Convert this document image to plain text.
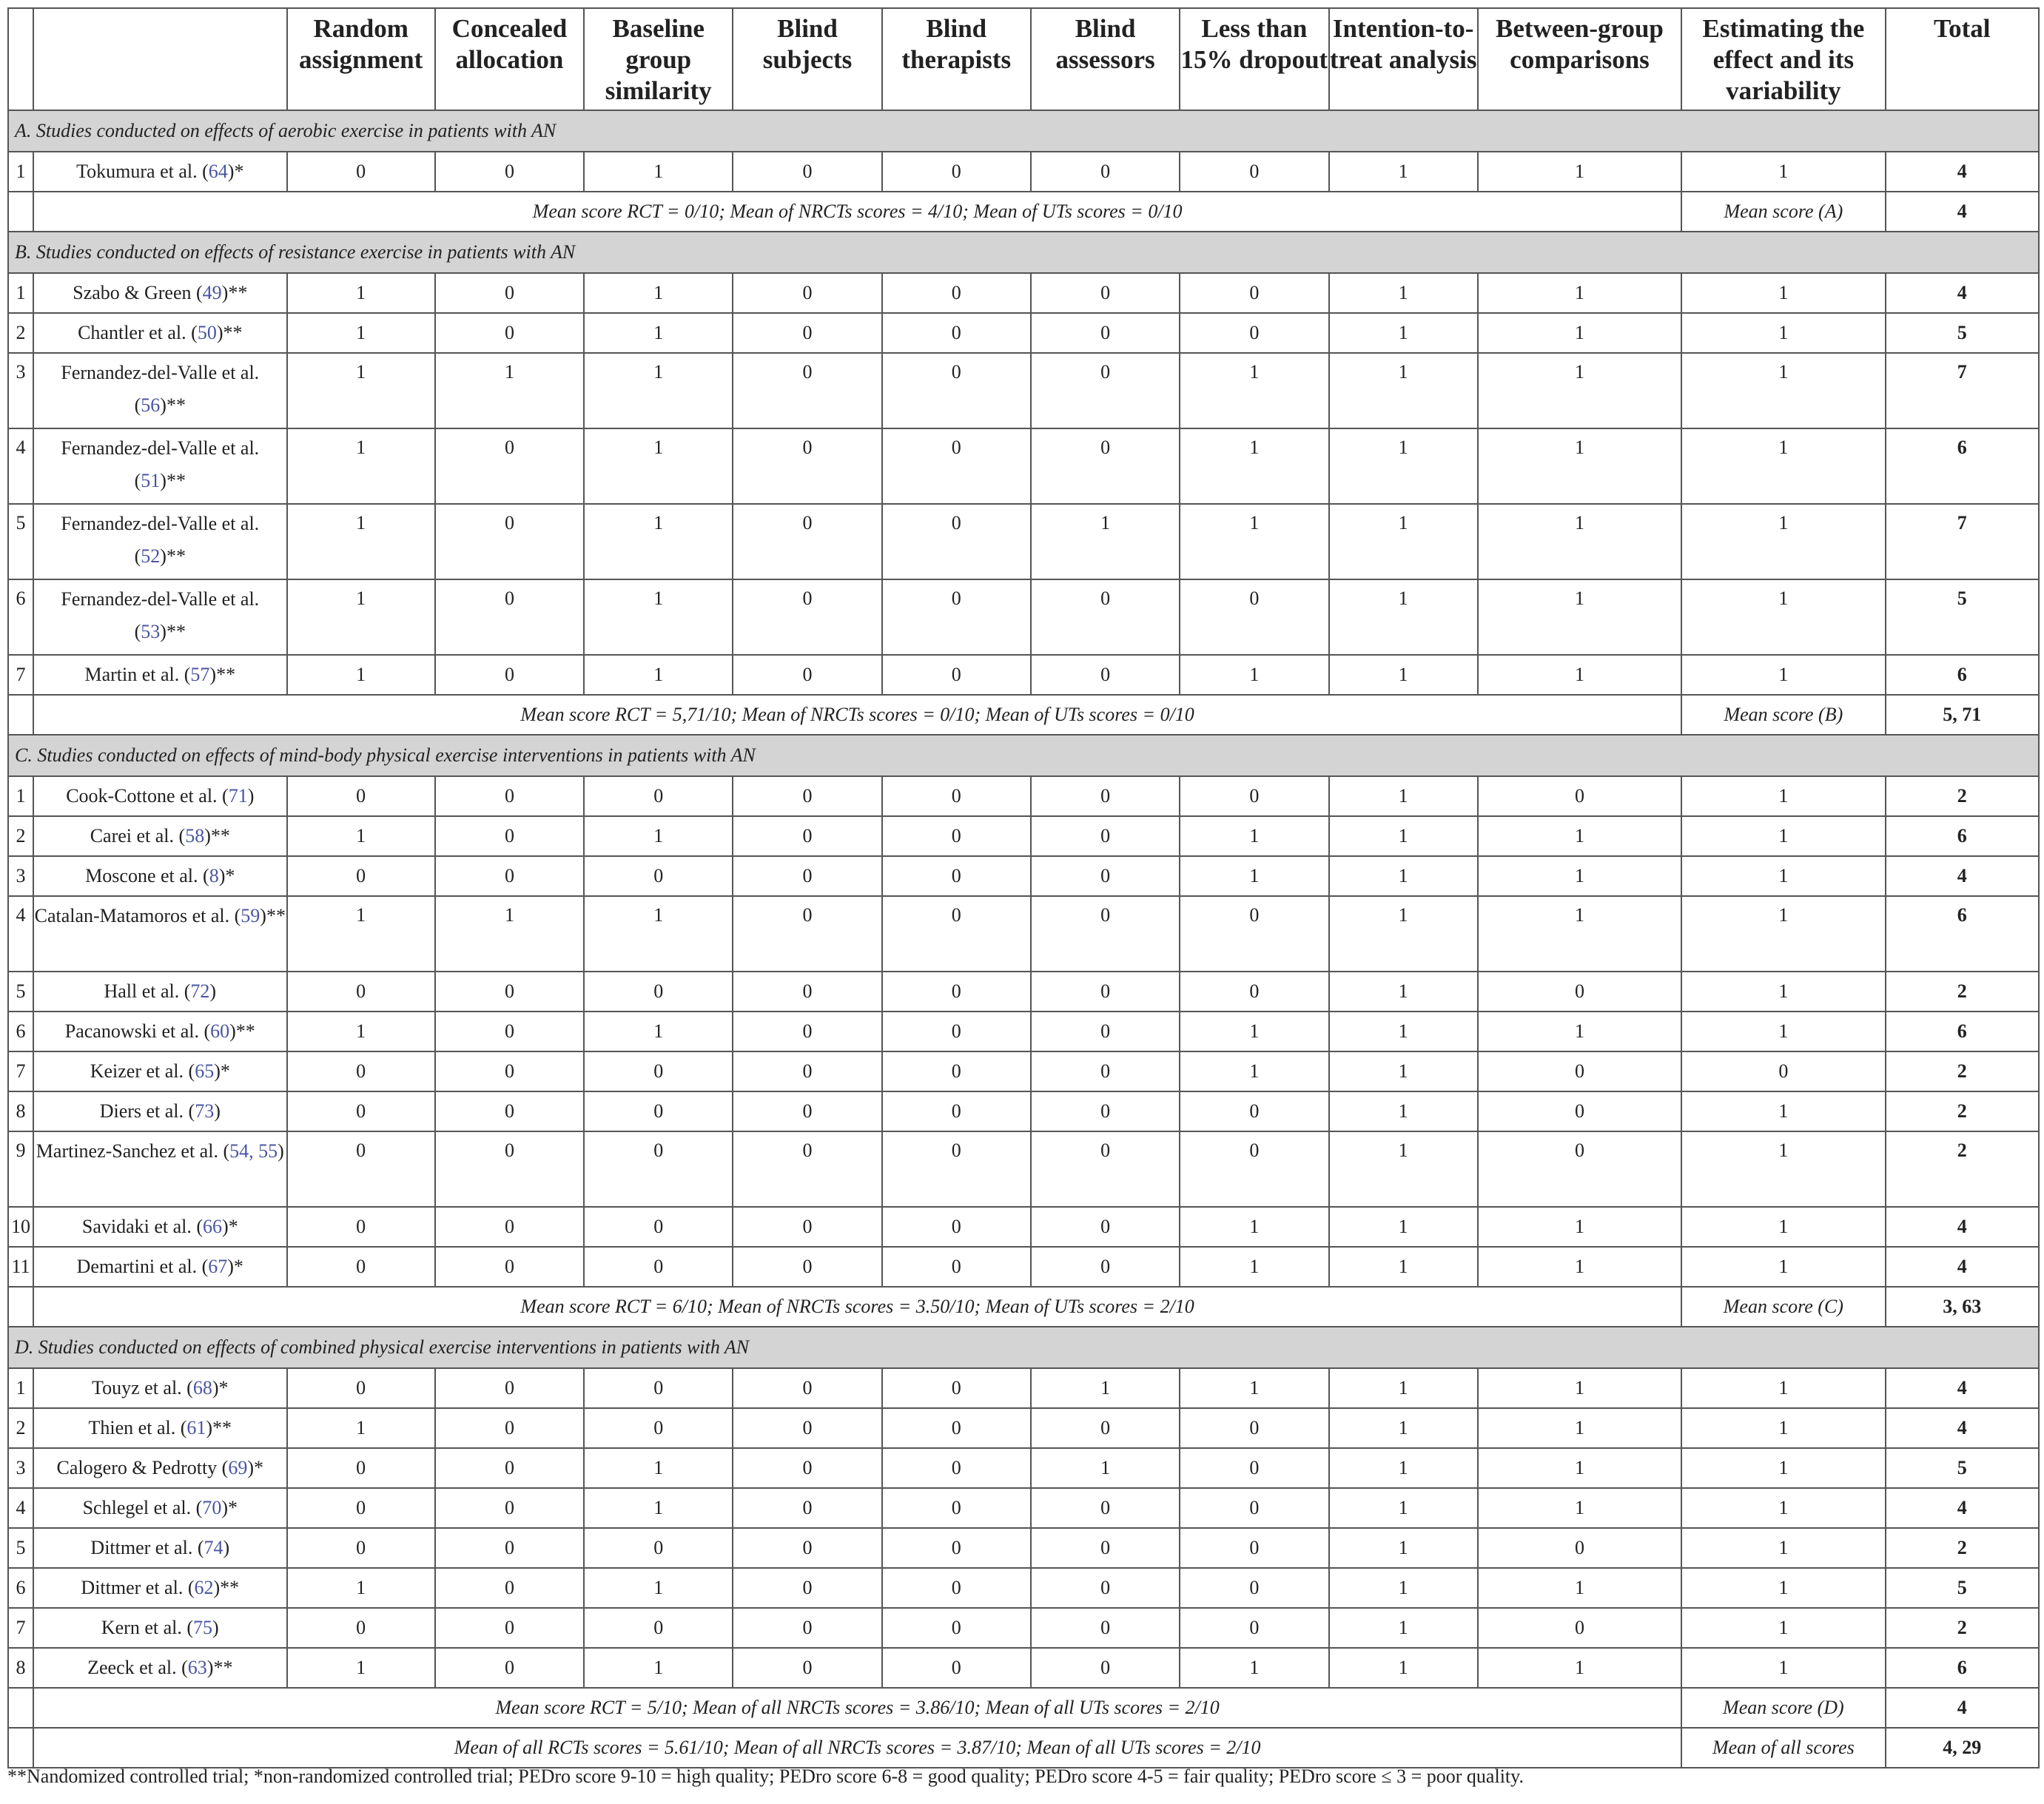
		Random assignment	Concealed allocation	Baseline group similarity	Blind subjects	Blind therapists	Blind assessors	Less than 15% dropout	Intention-to-treat analysis	Between-group comparisons	Estimating the effect and its variability	Total
A. Studies conducted on effects of aerobic exercise in patients with AN												
1	Tokumura et al. (64)*	0	0	1	0	0	0	0	1	1	1	4
	Mean score RCT = 0/10; Mean of NRCTs scores = 4/10; Mean of UTs scores = 0/10										Mean score (A)	4
B. Studies conducted on effects of resistance exercise in patients with AN												
1	Szabo & Green (49)**	1	0	1	0	0	0	0	1	1	1	4
2	Chantler et al. (50)**	1	0	1	0	0	0	0	1	1	1	5
3	Fernandez-del-Valle et al. (56)**	1	1	1	0	0	0	1	1	1	1	7
4	Fernandez-del-Valle et al. (51)**	1	0	1	0	0	0	1	1	1	1	6
5	Fernandez-del-Valle et al. (52)**	1	0	1	0	0	1	1	1	1	1	7
6	Fernandez-del-Valle et al. (53)**	1	0	1	0	0	0	0	1	1	1	5
7	Martin et al. (57)**	1	0	1	0	0	0	1	1	1	1	6
	Mean score RCT = 5,71/10; Mean of NRCTs scores = 0/10; Mean of UTs scores = 0/10										Mean score (B)	5, 71
C. Studies conducted on effects of mind-body physical exercise interventions in patients with AN												
1	Cook-Cottone et al. (71)	0	0	0	0	0	0	0	1	0	1	2
2	Carei et al. (58)**	1	0	1	0	0	0	1	1	1	1	6
3	Moscone et al. (8)*	0	0	0	0	0	0	1	1	1	1	4
4	Catalan-Matamoros et al. (59)**	1	1	1	0	0	0	0	1	1	1	6
5	Hall et al. (72)	0	0	0	0	0	0	0	1	0	1	2
6	Pacanowski et al. (60)**	1	0	1	0	0	0	1	1	1	1	6
7	Keizer et al. (65)*	0	0	0	0	0	0	1	1	0	0	2
8	Diers et al. (73)	0	0	0	0	0	0	0	1	0	1	2
9	Martinez-Sanchez et al. (54, 55)	0	0	0	0	0	0	0	1	0	1	2
10	Savidaki et al. (66)*	0	0	0	0	0	0	1	1	1	1	4
11	Demartini et al. (67)*	0	0	0	0	0	0	1	1	1	1	4
	Mean score RCT = 6/10; Mean of NRCTs scores = 3.50/10; Mean of UTs scores = 2/10										Mean score (C)	3, 63
D. Studies conducted on effects of combined physical exercise interventions in patients with AN												
1	Touyz et al. (68)*	0	0	0	0	0	1	1	1	1	1	4
2	Thien et al. (61)**	1	0	0	0	0	0	0	1	1	1	4
3	Calogero & Pedrotty (69)*	0	0	1	0	0	1	0	1	1	1	5
4	Schlegel et al. (70)*	0	0	1	0	0	0	0	1	1	1	4
5	Dittmer et al. (74)	0	0	0	0	0	0	0	1	0	1	2
6	Dittmer et al. (62)**	1	0	1	0	0	0	0	1	1	1	5
7	Kern et al. (75)	0	0	0	0	0	0	0	1	0	1	2
8	Zeeck et al. (63)**	1	0	1	0	0	0	1	1	1	1	6
	Mean score RCT = 5/10; Mean of all NRCTs scores = 3.86/10; Mean of all UTs scores = 2/10										Mean score (D)	4
	Mean of all RCTs scores = 5.61/10; Mean of all NRCTs scores = 3.87/10; Mean of all UTs scores = 2/10										Mean of all scores	4, 29
**Nandomized controlled trial; *non-randomized controlled trial; PEDro score 9-10 = high quality; PEDro score 6-8 = good quality; PEDro score 4-5 = fair quality; PEDro score ≤ 3 = poor quality.
